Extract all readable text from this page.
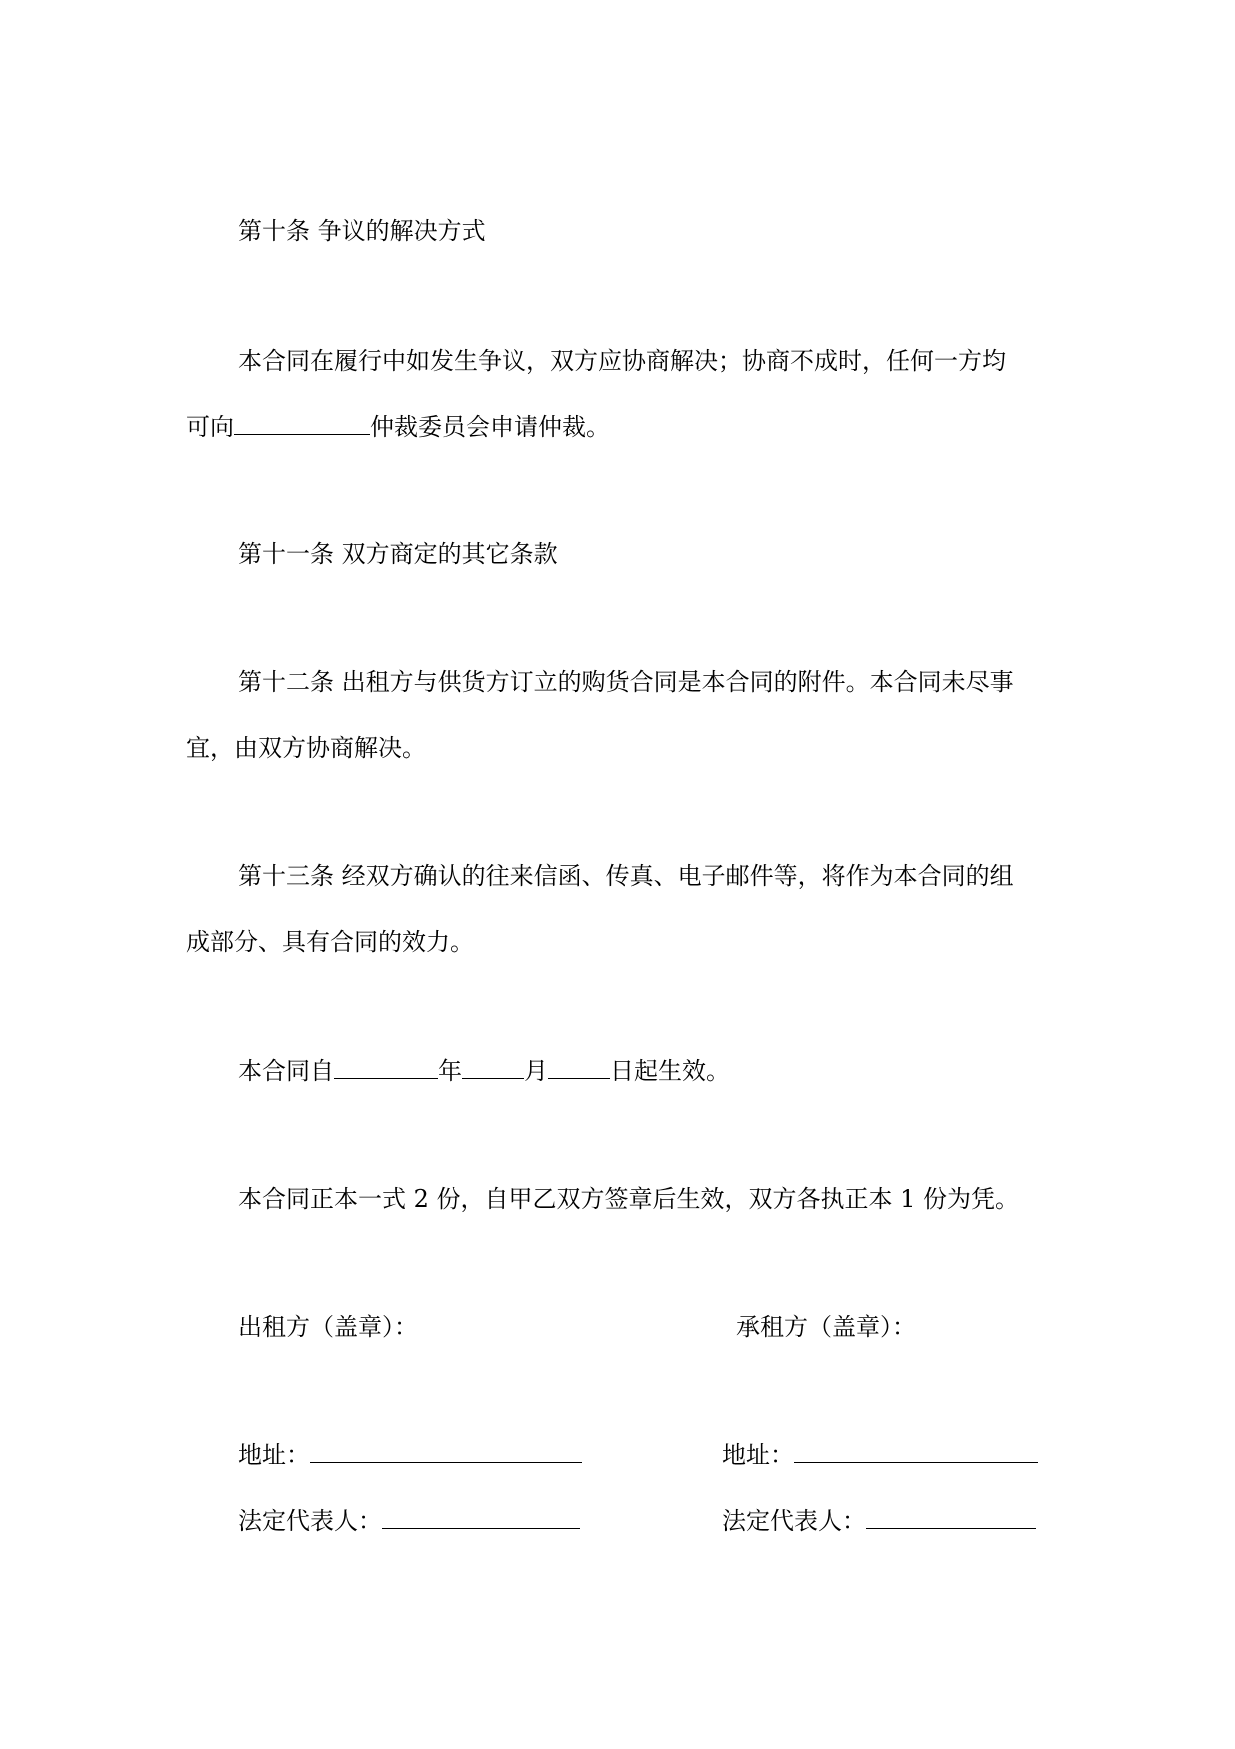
第十条 争议的解决方式
本合同在履行中如发生争议，双方应协商解决；协商不成时，任何一方均
可向	仲裁委员会申请仲裁。
第十一条 双方商定的其它条款
第十二条 出租方与供货方订立的购货合同是本合同的附件。本合同未尽事
宜，由双方协商解决。
第十三条 经双方确认的往来信函、传真、电子邮件等，将作为本合同的组
成部分、具有合同的效力。
本合同自	年	月	日起生效。
本合同正本一式 2 份，自甲乙双方签章后生效，双方各执正本 1 份为凭。
出租方（盖章）：
地址：
法定代表人：
承租方（盖章）：
地址：
法定代表人：
